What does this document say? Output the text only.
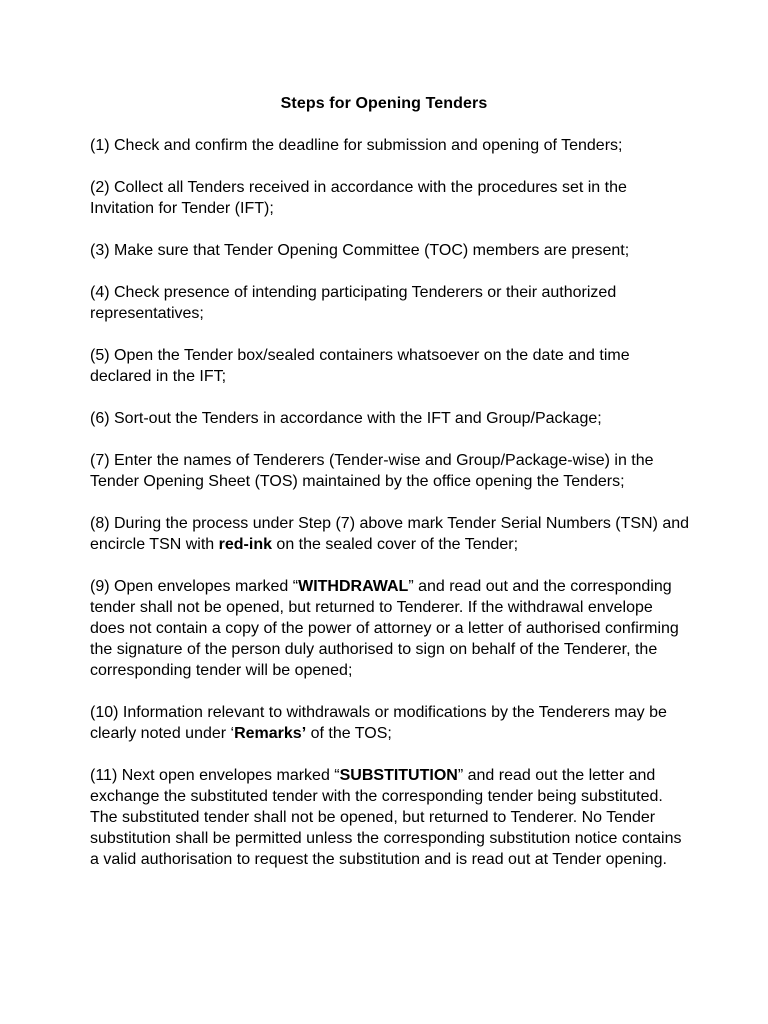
Steps for Opening Tenders

(1) Check and confirm the deadline for submission and opening of Tenders;

(2) Collect all Tenders received in accordance with the procedures set in the Invitation for Tender (IFT);

(3) Make sure that Tender Opening Committee (TOC) members are present;

(4) Check presence of intending participating Tenderers or their authorized representatives;

(5) Open the Tender box/sealed containers whatsoever on the date and time declared in the IFT;

(6) Sort-out the Tenders in accordance with the IFT and Group/Package;

(7) Enter the names of Tenderers (Tender-wise and Group/Package-wise) in the Tender Opening Sheet (TOS) maintained by the office opening the Tenders;

(8) During the process under Step (7) above mark Tender Serial Numbers (TSN) and encircle TSN with red-ink on the sealed cover of the Tender;

(9) Open envelopes marked “WITHDRAWAL” and read out and the corresponding tender shall not be opened, but returned to Tenderer. If the withdrawal envelope does not contain a copy of the power of attorney or a letter of authorised confirming the signature of the person duly authorised to sign on behalf of the Tenderer, the corresponding tender will be opened;

(10) Information relevant to withdrawals or modifications by the Tenderers may be clearly noted under ‘Remarks’ of the TOS;

(11) Next open envelopes marked “SUBSTITUTION” and read out the letter and exchange the substituted tender with the corresponding tender being substituted. The substituted tender shall not be opened, but returned to Tenderer. No Tender substitution shall be permitted unless the corresponding substitution notice contains a valid authorisation to request the substitution and is read out at Tender opening.
